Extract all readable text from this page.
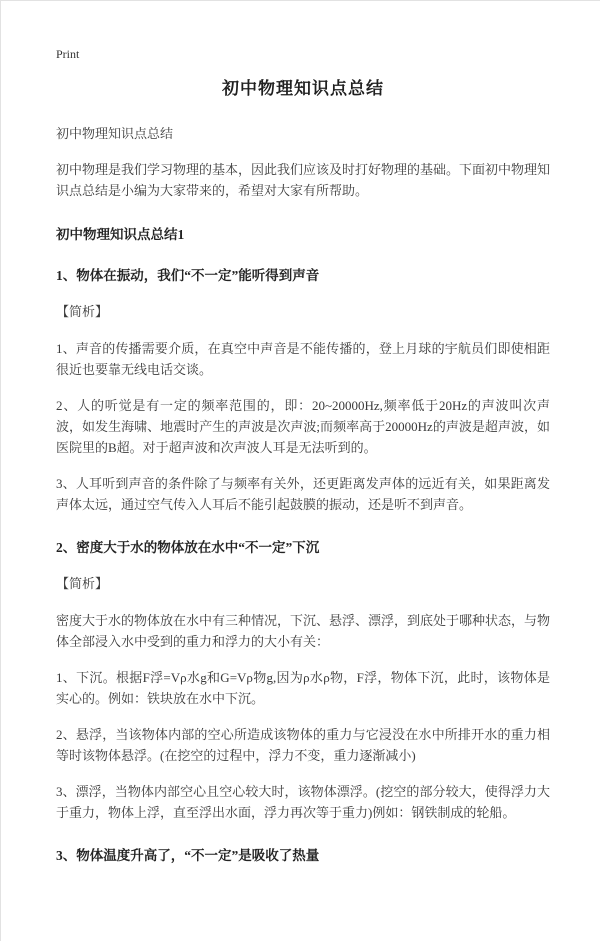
Print
初中物理知识点总结

初中物理知识点总结

初中物理是我们学习物理的基本，因此我们应该及时打好物理的基础。下面初中物理知识点总结是小编为大家带来的，希望对大家有所帮助。

初中物理知识点总结1
1、物体在振动，我们“不一定”能听得到声音

【简析】

1、声音的传播需要介质，在真空中声音是不能传播的，登上月球的宇航员们即使相距很近也要靠无线电话交谈。

2、人的听觉是有一定的频率范围的，即：20~20000Hz,频率低于20Hz的声波叫次声波，如发生海啸、地震时产生的声波是次声波;而频率高于20000Hz的声波是超声波，如医院里的B超。对于超声波和次声波人耳是无法听到的。

3、人耳听到声音的条件除了与频率有关外，还更距离发声体的远近有关，如果距离发声体太远，通过空气传入人耳后不能引起鼓膜的振动，还是听不到声音。

2、密度大于水的物体放在水中“不一定”下沉

【简析】

密度大于水的物体放在水中有三种情况，下沉、悬浮、漂浮，到底处于哪种状态，与物体全部浸入水中受到的重力和浮力的大小有关：

1、下沉。根据F浮=Vρ水g和G=Vρ物g,因为ρ水ρ物，F浮，物体下沉，此时，该物体是实心的。例如：铁块放在水中下沉。

2、悬浮，当该物体内部的空心所造成该物体的重力与它浸没在水中所排开水的重力相等时该物体悬浮。(在挖空的过程中，浮力不变，重力逐渐减小)

3、漂浮，当物体内部空心且空心较大时，该物体漂浮。(挖空的部分较大，使得浮力大于重力，物体上浮，直至浮出水面，浮力再次等于重力)例如：钢铁制成的轮船。

3、物体温度升高了，“不一定”是吸收了热量
